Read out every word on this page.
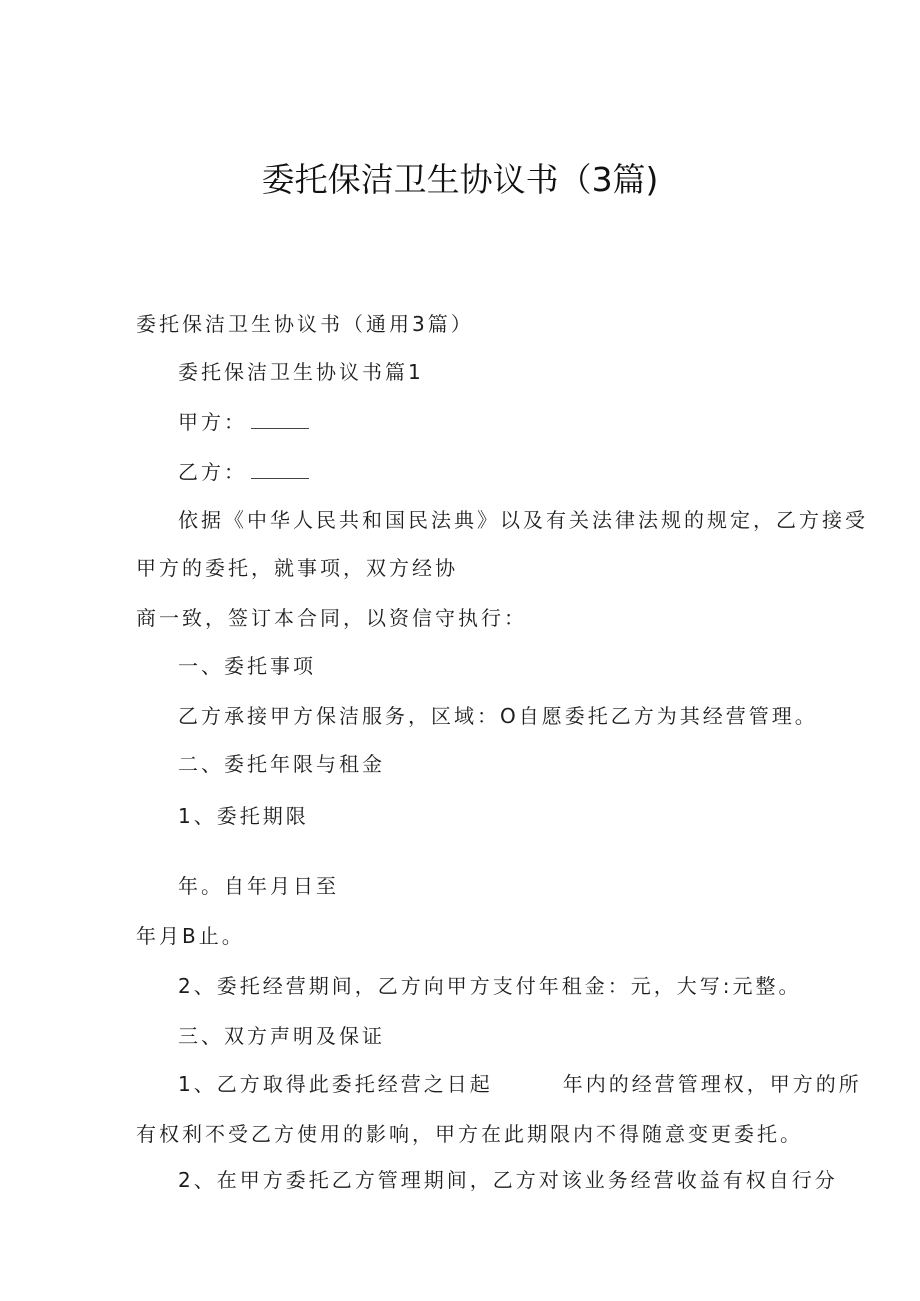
委托保洁卫生协议书（3篇)
委托保洁卫生协议书（通用3篇）
委托保洁卫生协议书篇1
甲方：
乙方：
依据《中华人民共和国民法典》以及有关法律法规的规定，乙方接受
甲方的委托，就事项，双方经协
商一致，签订本合同，以资信守执行：
一、委托事项
乙方承接甲方保洁服务，区域：O自愿委托乙方为其经营管理。
二、委托年限与租金
1、委托期限
年。自年月日至
年月B止。
2、委托经营期间，乙方向甲方支付年租金：元，大写:元整。
三、双方声明及保证
1、乙方取得此委托经营之日起	年内的经营管理权，甲方的所
有权利不受乙方使用的影响，甲方在此期限内不得随意变更委托。
2、在甲方委托乙方管理期间，乙方对该业务经营收益有权自行分
